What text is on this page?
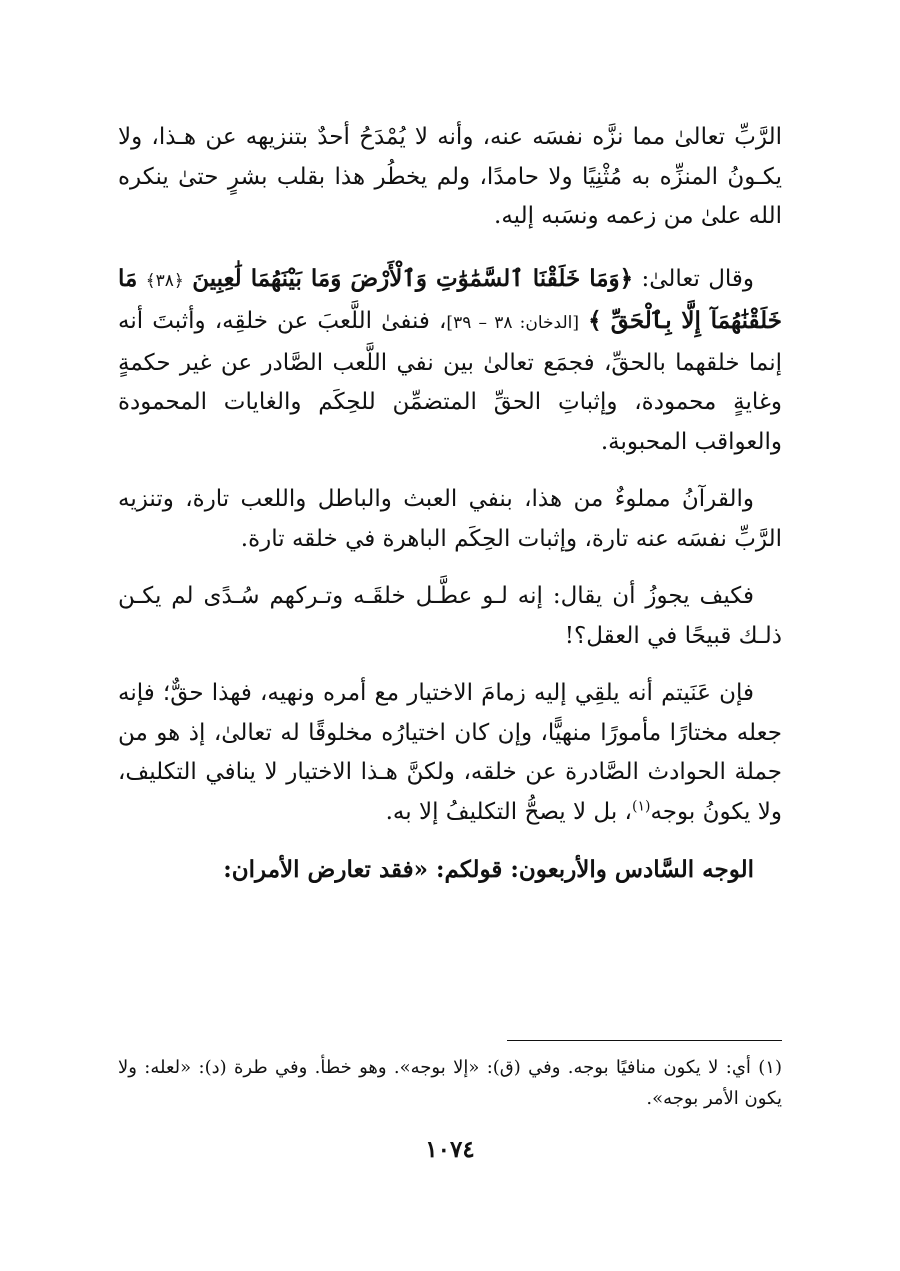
الرَّبِّ تعالىٰ مما نزَّه نفسَه عنه، وأنه لا يُمْدَحُ أحدٌ بتنزيهه عن هـذا، ولا يكـونُ المنزِّه به مُثْنِيًا ولا حامدًا، ولم يخطُر هذا بقلب بشرٍ حتىٰ ينكره الله علىٰ من زعمه ونسَبه إليه.

وقال تعالىٰ: ﴿وَمَا خَلَقْنَا ٱلسَّمَٰوَٰتِ وَٱلْأَرْضَ وَمَا بَيْنَهُمَا لَٰعِبِينَ ﴿٣٨﴾ مَا خَلَقْنَٰهُمَآ إِلَّا بِٱلْحَقِّ ﴾ [الدخان: ٣٨ – ٣٩]، فنفىٰ اللَّعبَ عن خلقِه، وأثبتَ أنه إنما خلقهما بالحقِّ، فجمَع تعالىٰ بين نفي اللَّعب الصَّادر عن غير حكمةٍ وغايةٍ محمودة، وإثباتِ الحقِّ المتضمِّن للحِكَم والغايات المحمودة والعواقب المحبوبة.

والقرآنُ مملوءٌ من هذا، بنفي العبث والباطل واللعب تارة، وتنزيه الرَّبِّ نفسَه عنه تارة، وإثبات الحِكَم الباهرة في خلقه تارة.

فكيف يجوزُ أن يقال: إنه لـو عطَّـل خلقَـه وتـركهم سُـدًى لم يكـن ذلـك قبيحًا في العقل؟!

فإن عَنَيتم أنه يلقِي إليه زمامَ الاختيار مع أمره ونهيه، فهذا حقٌّ؛ فإنه جعله مختارًا مأمورًا منهيًّا، وإن كان اختيارُه مخلوقًا له تعالىٰ، إذ هو من جملة الحوادث الصَّادرة عن خلقه، ولكنَّ هـذا الاختيار لا ينافي التكليف، ولا يكونُ بوجه$^{(١)}$، بل لا يصحُّ التكليفُ إلا به.

الوجه السَّادس والأربعون: قولكم: «فقد تعارض الأمران:

(١) أي: لا يكون منافيًا بوجه. وفي (ق): «إلا بوجه». وهو خطأ. وفي طرة (د): «لعله: ولا يكون الأمر بوجه».

١٠٧٤
